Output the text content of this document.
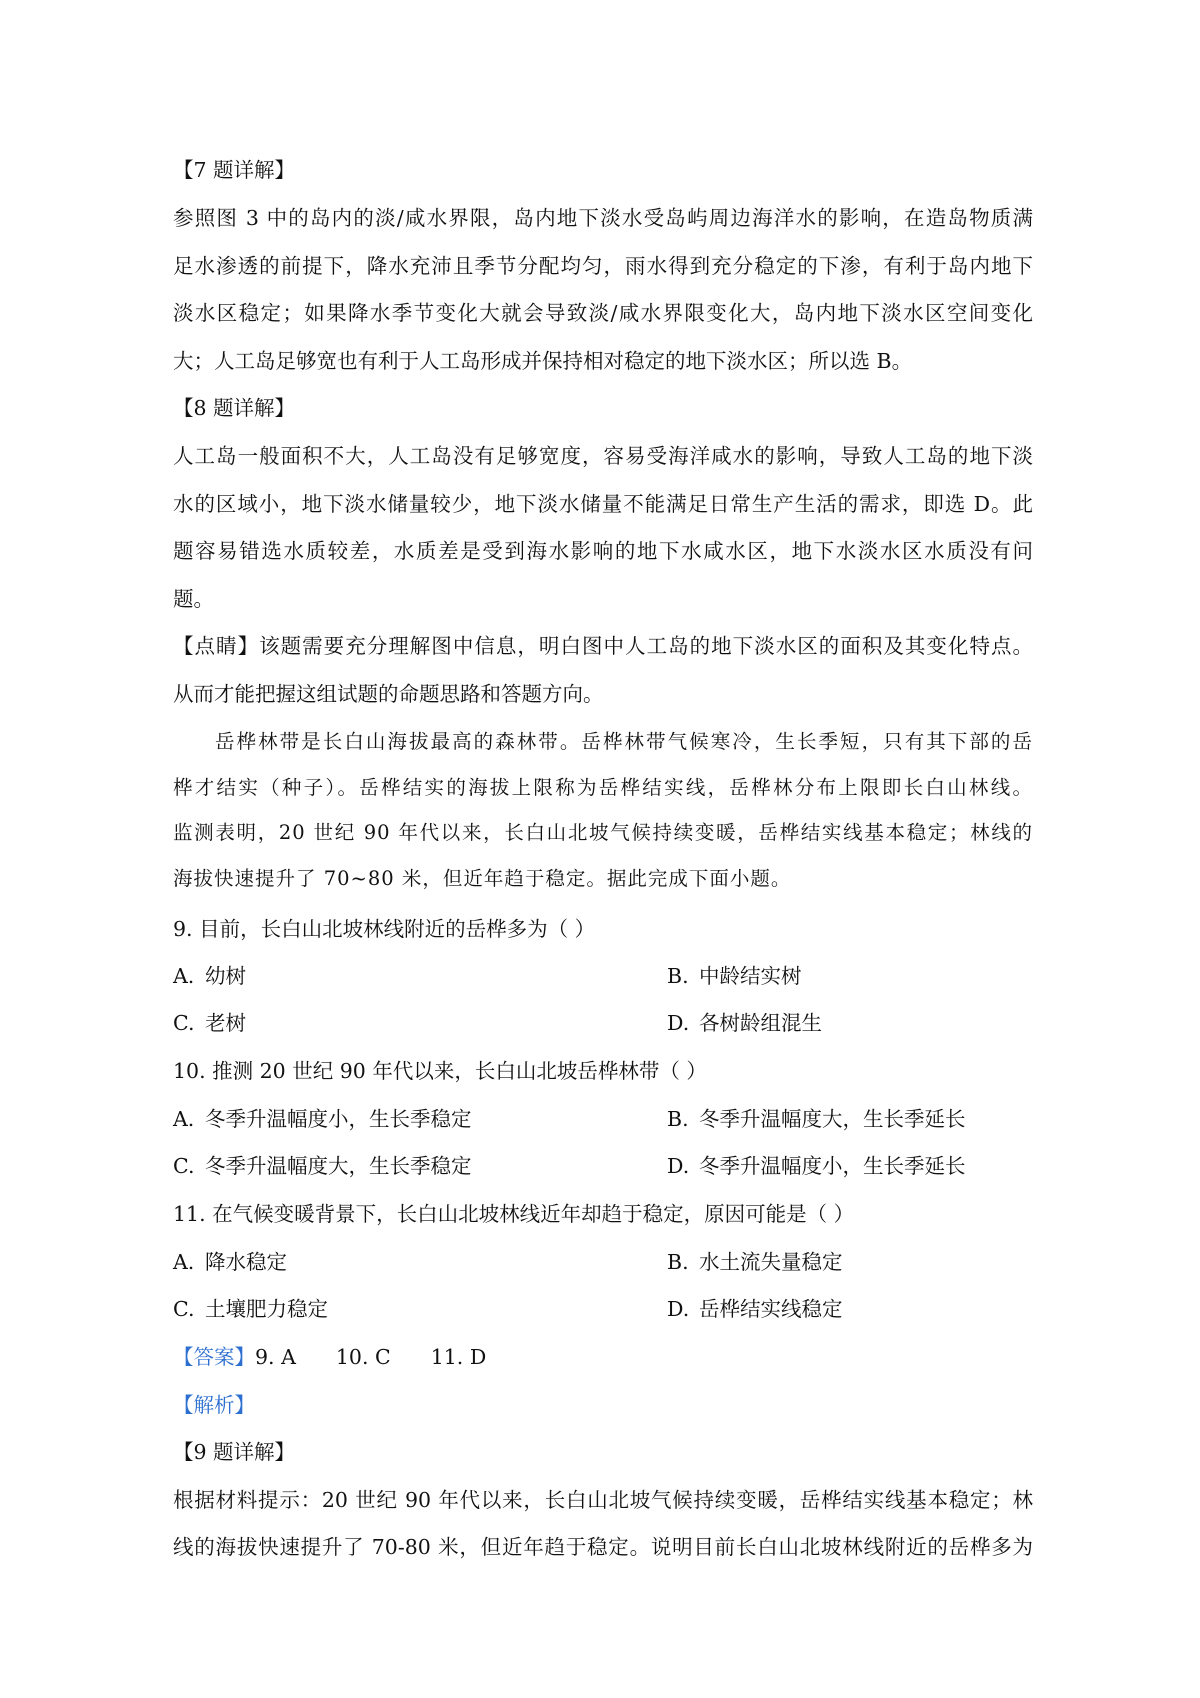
【7 题详解】
参照图 3 中的岛内的淡/咸水界限，岛内地下淡水受岛屿周边海洋水的影响，在造岛物质满
足水渗透的前提下，降水充沛且季节分配均匀，雨水得到充分稳定的下渗，有利于岛内地下
淡水区稳定；如果降水季节变化大就会导致淡/咸水界限变化大，岛内地下淡水区空间变化
大；人工岛足够宽也有利于人工岛形成并保持相对稳定的地下淡水区；所以选 B。
【8 题详解】
人工岛一般面积不大，人工岛没有足够宽度，容易受海洋咸水的影响，导致人工岛的地下淡
水的区域小，地下淡水储量较少，地下淡水储量不能满足日常生产生活的需求，即选 D。此
题容易错选水质较差，水质差是受到海水影响的地下水咸水区，地下水淡水区水质没有问
题。
【点睛】该题需要充分理解图中信息，明白图中人工岛的地下淡水区的面积及其变化特点。
从而才能把握这组试题的命题思路和答题方向。
岳桦林带是长白山海拔最高的森林带。岳桦林带气候寒冷，生长季短，只有其下部的岳
桦才结实（种子）。岳桦结实的海拔上限称为岳桦结实线，岳桦林分布上限即长白山林线。
监测表明，20 世纪 90 年代以来，长白山北坡气候持续变暖，岳桦结实线基本稳定；林线的
海拔快速提升了 70~80 米，但近年趋于稳定。据此完成下面小题。
9. 目前，长白山北坡林线附近的岳桦多为（ ）
A. 幼树	B. 中龄结实树
C. 老树	D. 各树龄组混生
10. 推测 20 世纪 90 年代以来，长白山北坡岳桦林带（ ）
A. 冬季升温幅度小，生长季稳定	B. 冬季升温幅度大，生长季延长
C. 冬季升温幅度大，生长季稳定	D. 冬季升温幅度小，生长季延长
11. 在气候变暖背景下，长白山北坡林线近年却趋于稳定，原因可能是（ ）
A. 降水稳定	B. 水土流失量稳定
C. 土壤肥力稳定	D. 岳桦结实线稳定
【答案】9. A 10. C 11. D
【解析】
【9 题详解】
根据材料提示：20 世纪 90 年代以来，长白山北坡气候持续变暖，岳桦结实线基本稳定；林
线的海拔快速提升了 70-80 米，但近年趋于稳定。说明目前长白山北坡林线附近的岳桦多为
